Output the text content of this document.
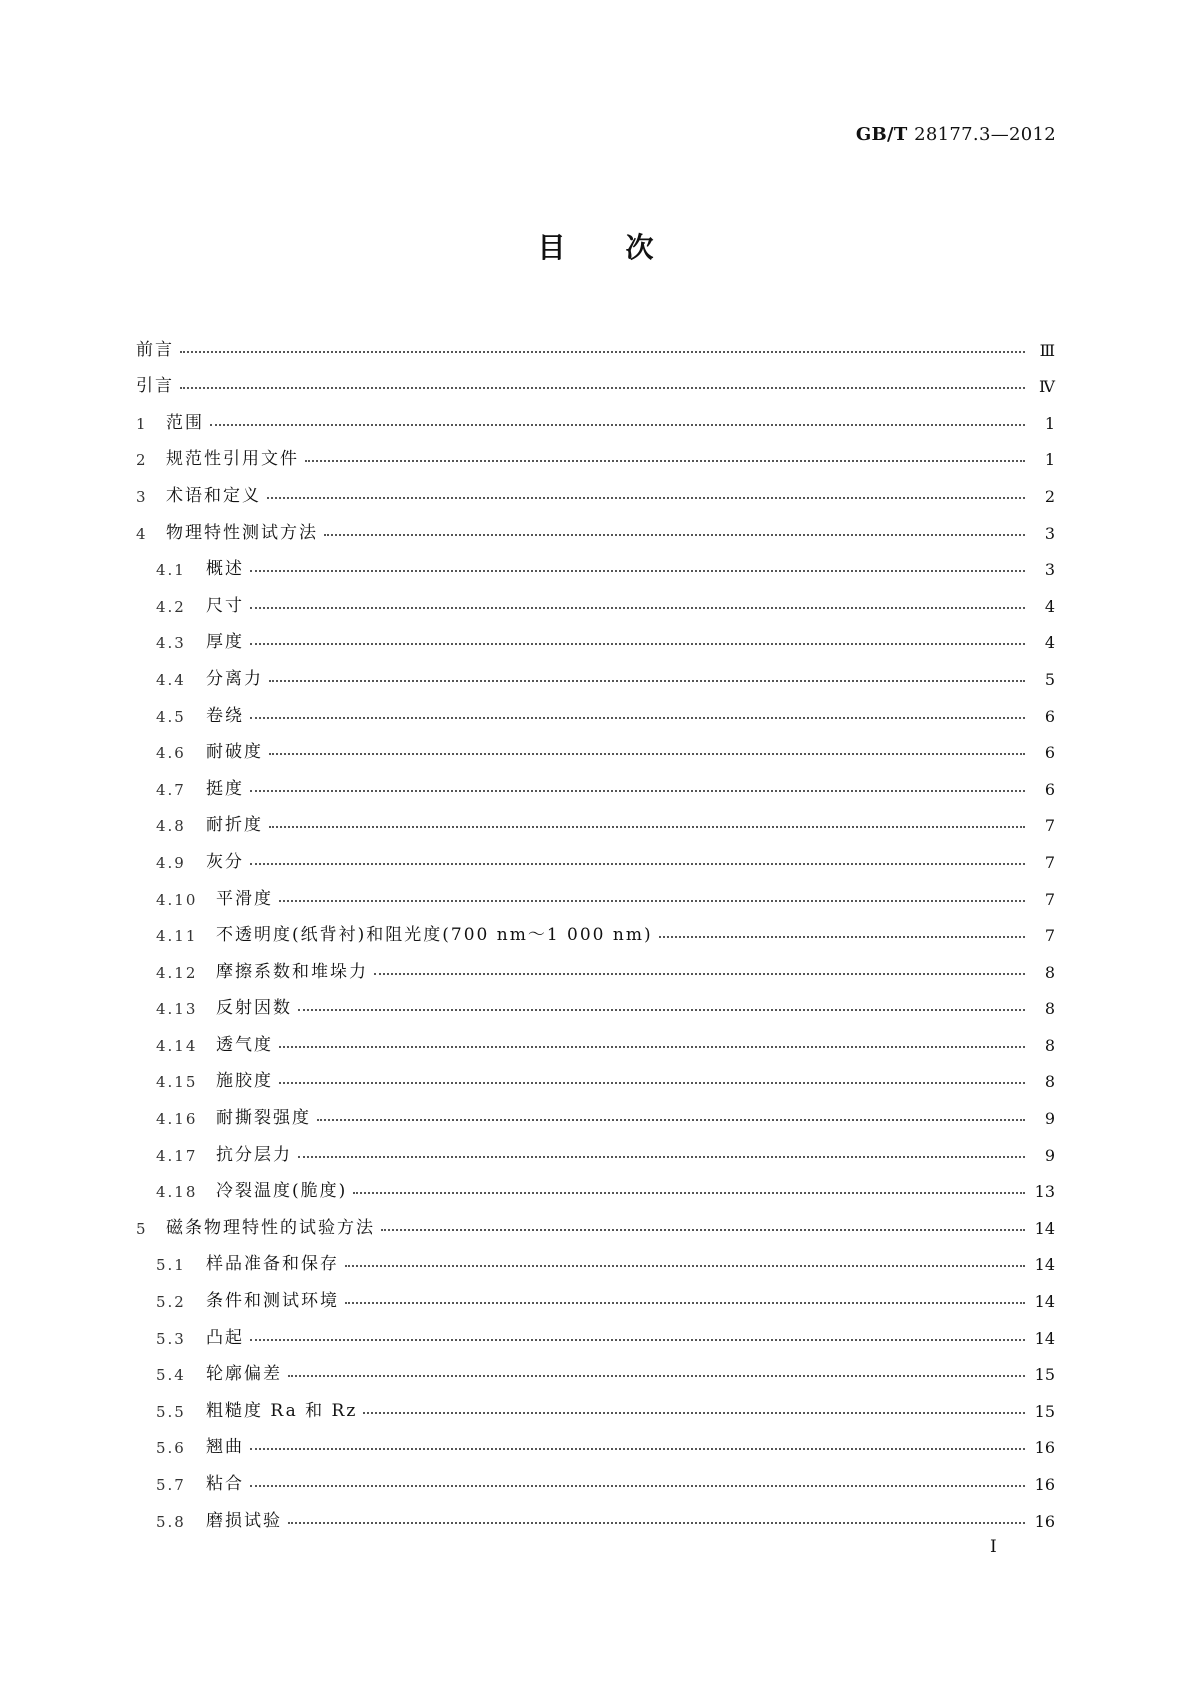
GB/T 28177.3—2012
目次
前言	Ⅲ
引言	Ⅳ
1	范围	1
2	规范性引用文件	1
3	术语和定义	2
4	物理特性测试方法	3
4.1	概述	3
4.2	尺寸	4
4.3	厚度	4
4.4	分离力	5
4.5	卷绕	6
4.6	耐破度	6
4.7	挺度	6
4.8	耐折度	7
4.9	灰分	7
4.10	平滑度	7
4.11	不透明度(纸背衬)和阻光度(700 nm～1 000 nm)	7
4.12	摩擦系数和堆垛力	8
4.13	反射因数	8
4.14	透气度	8
4.15	施胶度	8
4.16	耐撕裂强度	9
4.17	抗分层力	9
4.18	冷裂温度(脆度)	13
5	磁条物理特性的试验方法	14
5.1	样品准备和保存	14
5.2	条件和测试环境	14
5.3	凸起	14
5.4	轮廓偏差	15
5.5	粗糙度 Ra 和 Rz	15
5.6	翘曲	16
5.7	粘合	16
5.8	磨损试验	16
I
